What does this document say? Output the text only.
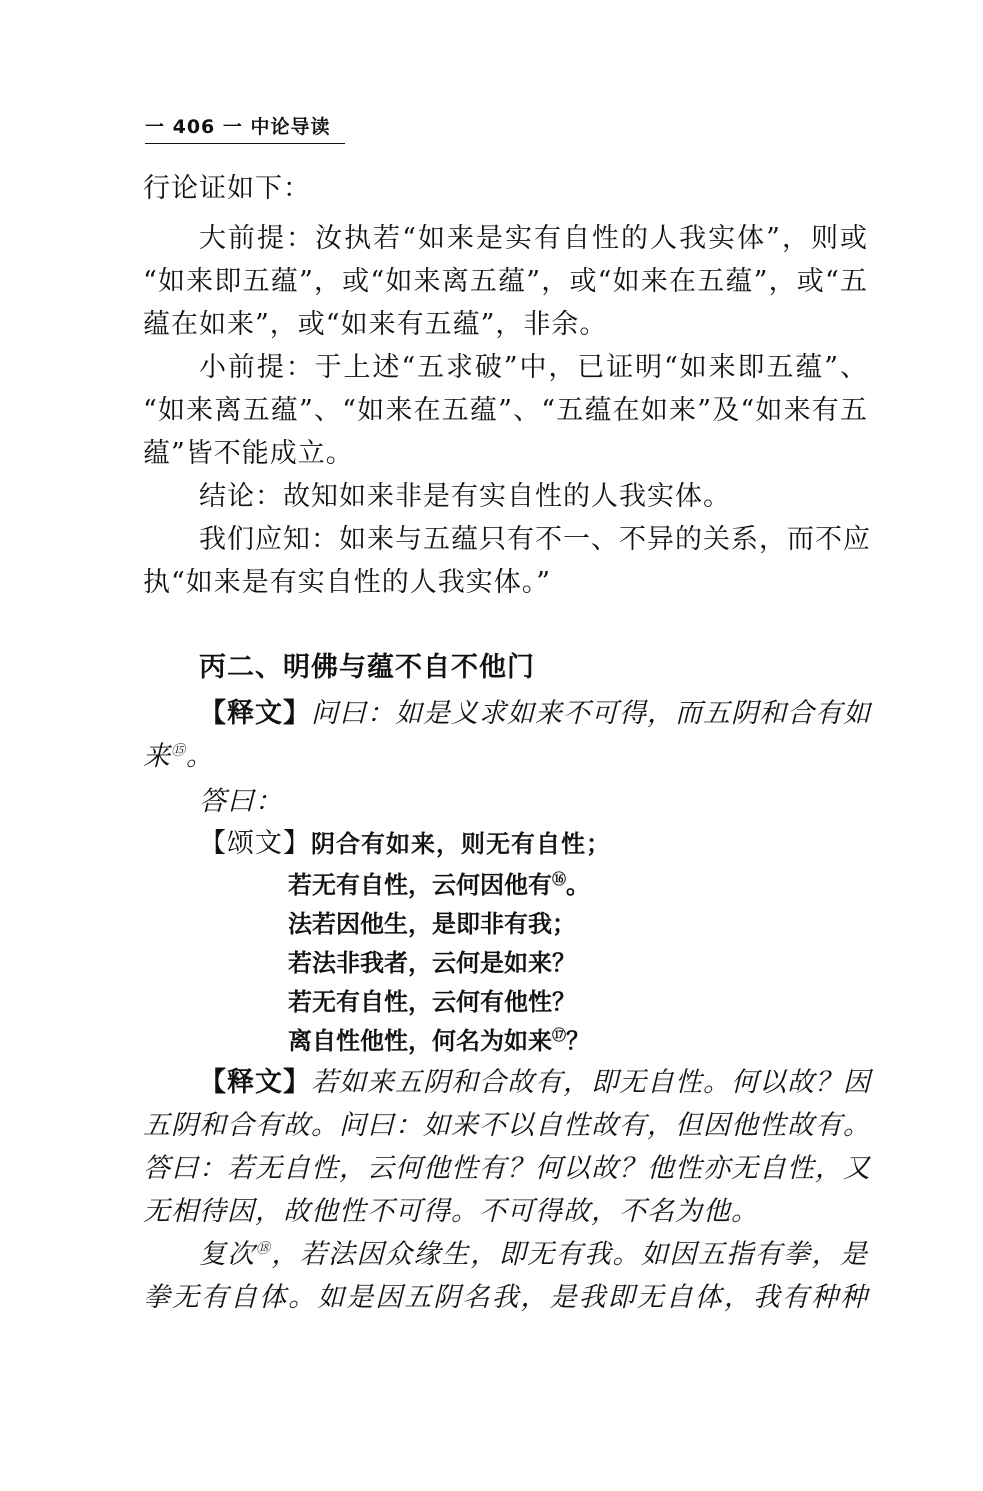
一 406 一 中论导读
行论证如下：
大前提：汝执若“如来是实有自性的人我实体”，则或
“如来即五蕴”，或“如来离五蕴”，或“如来在五蕴”，或“五
蕴在如来”，或“如来有五蕴”，非余。
小前提：于上述“五求破”中，已证明“如来即五蕴”、
“如来离五蕴”、“如来在五蕴”、“五蕴在如来”及“如来有五
蕴”皆不能成立。
结论：故知如来非是有实自性的人我实体。
我们应知：如来与五蕴只有不一、不异的关系，而不应
执“如来是有实自性的人我实体。”
丙二、明佛与蕴不自不他门
【释文】问曰：如是义求如来不可得，而五阴和合有如
来⑮。
答曰：
【颂文】阴合有如来，则无有自性；
若无有自性，云何因他有⑯。
法若因他生，是即非有我；
若法非我者，云何是如来？
若无有自性，云何有他性？
离自性他性，何名为如来⑰？
【释文】若如来五阴和合故有，即无自性。何以故？因
五阴和合有故。问曰：如来不以自性故有，但因他性故有。
答曰：若无自性，云何他性有？何以故？他性亦无自性，又
无相待因，故他性不可得。不可得故，不名为他。
复次⑱，若法因众缘生，即无有我。如因五指有拳，是
拳无有自体。如是因五阴名我，是我即无自体，我有种种
